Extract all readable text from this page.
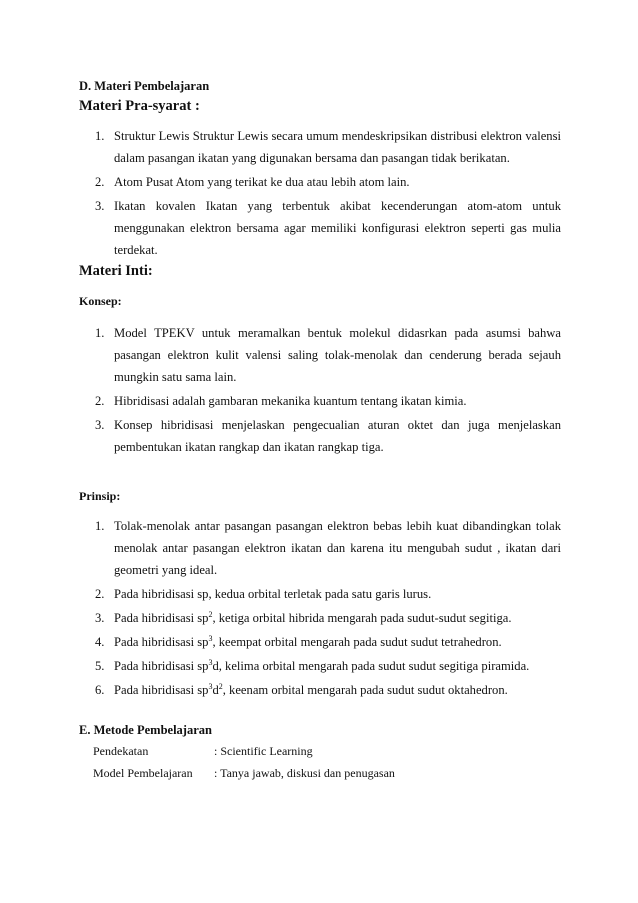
D. Materi Pembelajaran
Materi Pra-syarat :
1. Struktur Lewis Struktur Lewis secara umum mendeskripsikan distribusi elektron valensi dalam pasangan ikatan yang digunakan bersama dan pasangan tidak berikatan.
2. Atom Pusat Atom yang terikat ke dua atau lebih atom lain.
3. Ikatan kovalen Ikatan yang terbentuk akibat kecenderungan atom-atom untuk menggunakan elektron bersama agar memiliki konfigurasi elektron seperti gas mulia terdekat.
Materi Inti:
Konsep:
1. Model TPEKV untuk meramalkan bentuk molekul didasrkan pada asumsi bahwa pasangan elektron kulit valensi saling tolak-menolak dan cenderung berada sejauh mungkin satu sama lain.
2. Hibridisasi adalah gambaran mekanika kuantum tentang ikatan kimia.
3. Konsep hibridisasi menjelaskan pengecualian aturan oktet dan juga menjelaskan pembentukan ikatan rangkap dan ikatan rangkap tiga.
Prinsip:
1. Tolak-menolak antar pasangan pasangan elektron bebas lebih kuat dibandingkan tolak menolak antar pasangan elektron ikatan dan karena itu mengubah sudut , ikatan dari geometri yang ideal.
2. Pada hibridisasi sp, kedua orbital terletak pada satu garis lurus.
3. Pada hibridisasi $sp^2$, ketiga orbital hibrida mengarah pada sudut-sudut segitiga.
4. Pada hibridisasi $sp^3$, keempat orbital mengarah pada sudut sudut tetrahedron.
5. Pada hibridisasi $sp^3d$, kelima orbital mengarah pada sudut sudut segitiga piramida.
6. Pada hibridisasi $sp^3d^2$, keenam orbital mengarah pada sudut sudut oktahedron.
E. Metode Pembelajaran
Pendekatan	: Scientific Learning
Model Pembelajaran : Tanya jawab, diskusi dan penugasan
